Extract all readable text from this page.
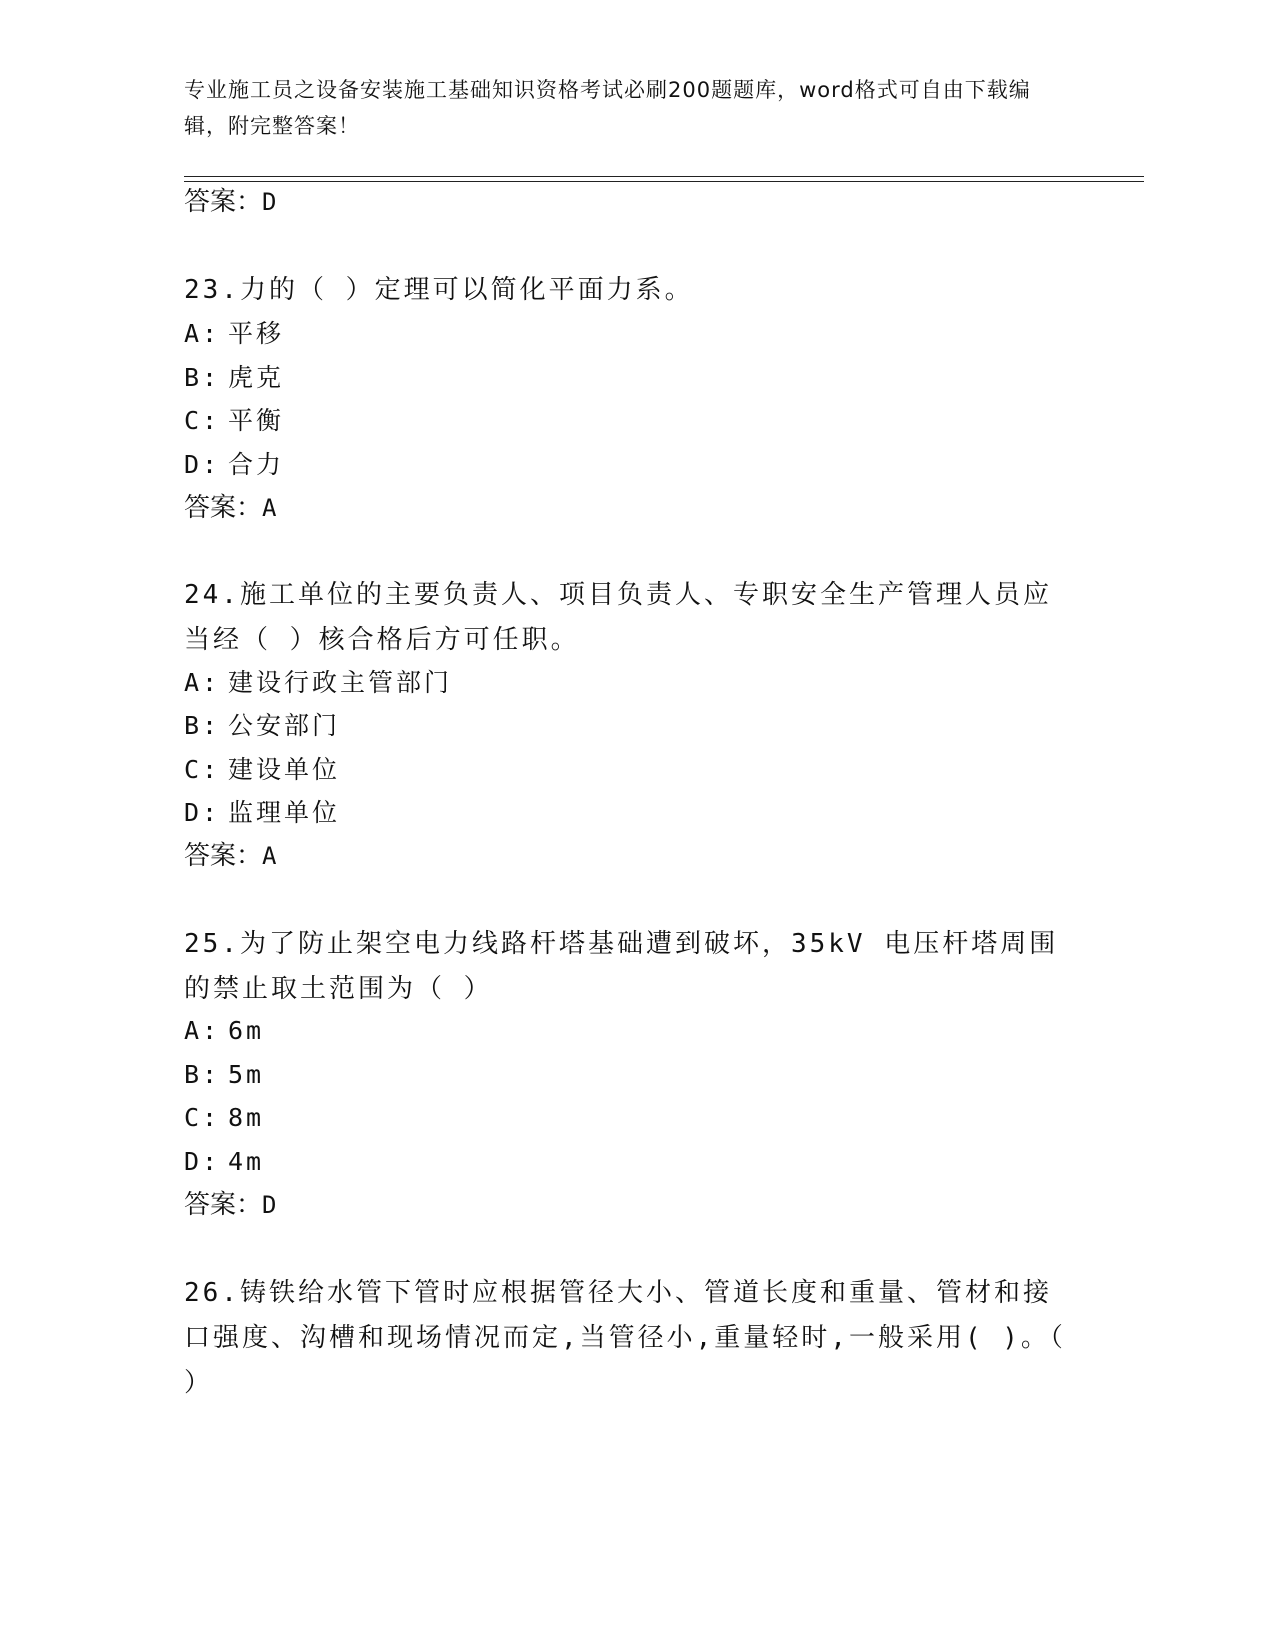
专业施工员之设备安装施工基础知识资格考试必刷200题题库，word格式可自由下载编辑，附完整答案！
答案：D
23.力的（ ）定理可以简化平面力系。
A: 平移
B: 虎克
C: 平衡
D: 合力
答案：A
24.施工单位的主要负责人、项目负责人、专职安全生产管理人员应当经（ ）核合格后方可任职。
A: 建设行政主管部门
B: 公安部门
C: 建设单位
D: 监理单位
答案：A
25.为了防止架空电力线路杆塔基础遭到破坏，35kV 电压杆塔周围的禁止取土范围为（ ）
A: 6m
B: 5m
C: 8m
D: 4m
答案：D
26.铸铁给水管下管时应根据管径大小、管道长度和重量、管材和接口强度、沟槽和现场情况而定,当管径小,重量轻时,一般采用( )。（ ）
